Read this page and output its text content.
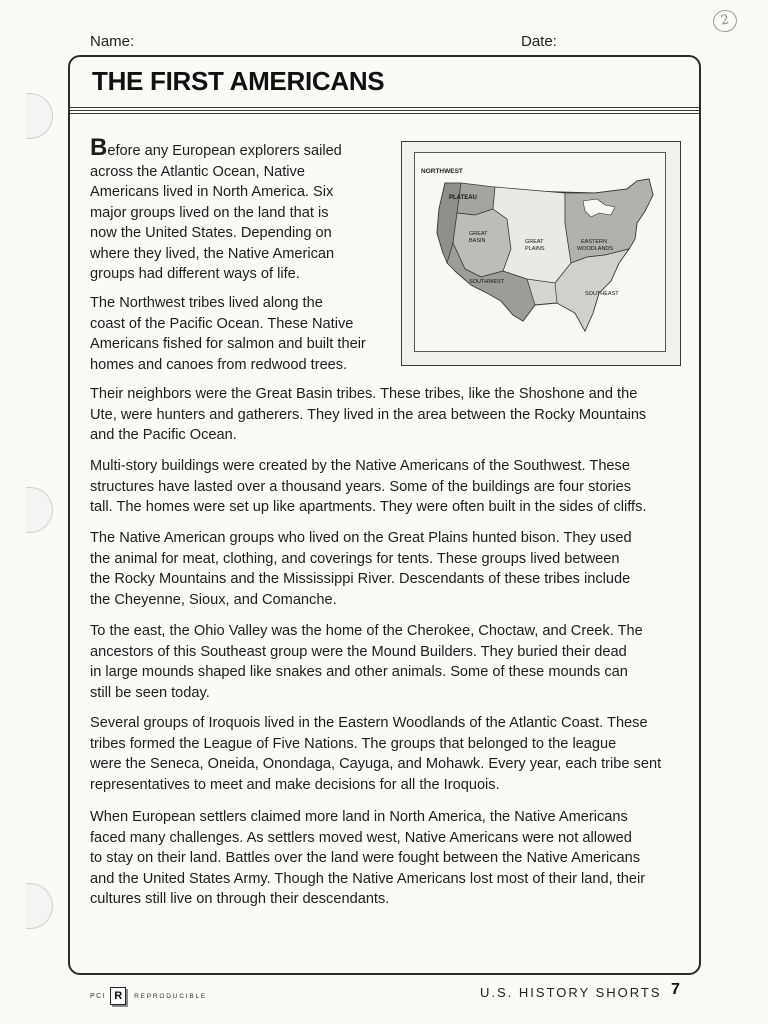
2
Name:	Date:
THE FIRST AMERICANS

Before any European explorers sailed
across the Atlantic Ocean, Native
Americans lived in North America. Six
major groups lived on the land that is
now the United States. Depending on
where they lived, the Native American
groups had different ways of life.

The Northwest tribes lived along the
coast of the Pacific Ocean. These Native
Americans fished for salmon and built their
homes and canoes from redwood trees.

NORTHWEST
PLATEAU
GREAT
BASIN	GREAT
PLAINS
EASTERN
WOODLANDS
SOUTHWEST
SOUTHEAST

Their neighbors were the Great Basin tribes. These tribes, like the Shoshone and the
Ute, were hunters and gatherers. They lived in the area between the Rocky Mountains
and the Pacific Ocean.

Multi-story buildings were created by the Native Americans of the Southwest. These
structures have lasted over a thousand years. Some of the buildings are four stories
tall. The homes were set up like apartments. They were often built in the sides of cliffs.

The Native American groups who lived on the Great Plains hunted bison. They used
the animal for meat, clothing, and coverings for tents. These groups lived between
the Rocky Mountains and the Mississippi River. Descendants of these tribes include
the Cheyenne, Sioux, and Comanche.

To the east, the Ohio Valley was the home of the Cherokee, Choctaw, and Creek. The
ancestors of this Southeast group were the Mound Builders. They buried their dead
in large mounds shaped like snakes and other animals. Some of these mounds can
still be seen today.

Several groups of Iroquois lived in the Eastern Woodlands of the Atlantic Coast. These
tribes formed the League of Five Nations. The groups that belonged to the league
were the Seneca, Oneida, Onondaga, Cayuga, and Mohawk. Every year, each tribe sent
representatives to meet and make decisions for all the Iroquois.

When European settlers claimed more land in North America, the Native Americans
faced many challenges. As settlers moved west, Native Americans were not allowed
to stay on their land. Battles over the land were fought between the Native Americans
and the United States Army. Though the Native Americans lost most of their land, their
cultures still live on through their descendants.

PCI R	REPRODUCIBLE	U.S. HISTORY SHORTS 7
